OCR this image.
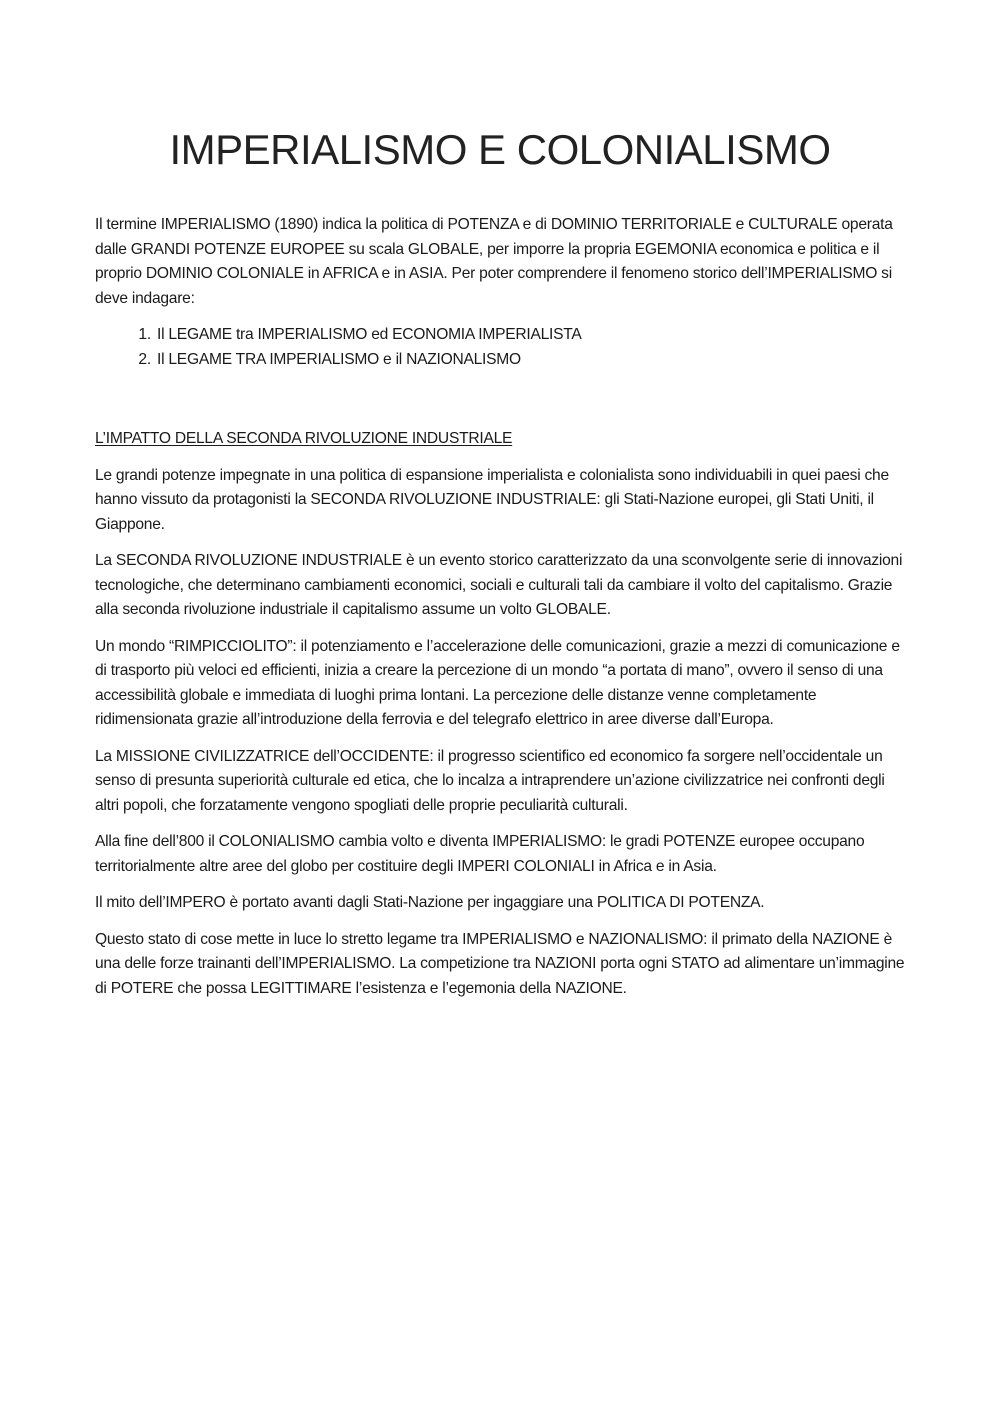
IMPERIALISMO E COLONIALISMO

Il termine IMPERIALISMO (1890) indica la politica di POTENZA e di DOMINIO TERRITORIALE e CULTURALE operata dalle GRANDI POTENZE EUROPEE su scala GLOBALE, per imporre la propria EGEMONIA economica e politica e il proprio DOMINIO COLONIALE in AFRICA e in ASIA. Per poter comprendere il fenomeno storico dell’IMPERIALISMO si deve indagare:

1. Il LEGAME tra IMPERIALISMO ed ECONOMIA IMPERIALISTA
2. Il LEGAME TRA IMPERIALISMO e il NAZIONALISMO

L’IMPATTO DELLA SECONDA RIVOLUZIONE INDUSTRIALE

Le grandi potenze impegnate in una politica di espansione imperialista e colonialista sono individuabili in quei paesi che hanno vissuto da protagonisti la SECONDA RIVOLUZIONE INDUSTRIALE: gli Stati-Nazione europei, gli Stati Uniti, il Giappone.

La SECONDA RIVOLUZIONE INDUSTRIALE è un evento storico caratterizzato da una sconvolgente serie di innovazioni tecnologiche, che determinano cambiamenti economici, sociali e culturali tali da cambiare il volto del capitalismo. Grazie alla seconda rivoluzione industriale il capitalismo assume un volto GLOBALE.

Un mondo “RIMPICCIOLITO”: il potenziamento e l’accelerazione delle comunicazioni, grazie a mezzi di comunicazione e di trasporto più veloci ed efficienti, inizia a creare la percezione di un mondo “a portata di mano”, ovvero il senso di una accessibilità globale e immediata di luoghi prima lontani. La percezione delle distanze venne completamente ridimensionata grazie all’introduzione della ferrovia e del telegrafo elettrico in aree diverse dall’Europa.

La MISSIONE CIVILIZZATRICE dell’OCCIDENTE: il progresso scientifico ed economico fa sorgere nell’occidentale un senso di presunta superiorità culturale ed etica, che lo incalza a intraprendere un’azione civilizzatrice nei confronti degli altri popoli, che forzatamente vengono spogliati delle proprie peculiarità culturali.

Alla fine dell’800 il COLONIALISMO cambia volto e diventa IMPERIALISMO: le gradi POTENZE europee occupano territorialmente altre aree del globo per costituire degli IMPERI COLONIALI in Africa e in Asia.

Il mito dell’IMPERO è portato avanti dagli Stati-Nazione per ingaggiare una POLITICA DI POTENZA.

Questo stato di cose mette in luce lo stretto legame tra IMPERIALISMO e NAZIONALISMO: il primato della NAZIONE è una delle forze trainanti dell’IMPERIALISMO. La competizione tra NAZIONI porta ogni STATO ad alimentare un’immagine di POTERE che possa LEGITTIMARE l’esistenza e l’egemonia della NAZIONE.
